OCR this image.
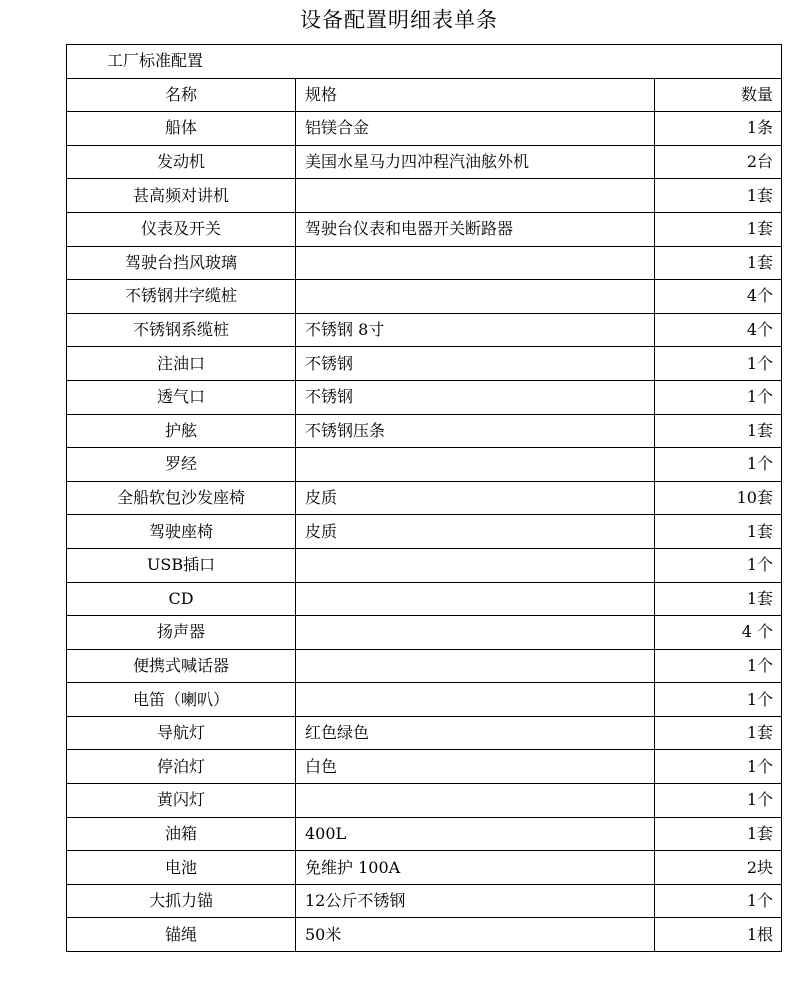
设备配置明细表单条
工厂标准配置		
名称	规格	数量
船体	铝镁合金	1条
发动机	美国水星马力四冲程汽油舷外机	2台
甚高频对讲机		1套
仪表及开关	驾驶台仪表和电器开关断路器	1套
驾驶台挡风玻璃		1套
不锈钢井字缆桩		4个
不锈钢系缆桩	不锈钢 8寸	4个
注油口	不锈钢	1个
透气口	不锈钢	1个
护舷	不锈钢压条	1套
罗经		1个
全船软包沙发座椅	皮质	10套
驾驶座椅	皮质	1套
USB插口		1个
CD		1套
扬声器		4 个
便携式喊话器		1个
电笛（喇叭）		1个
导航灯	红色绿色	1套
停泊灯	白色	1个
黄闪灯		1个
油箱	400L	1套
电池	免维护 100A	2块
大抓力锚	12公斤不锈钢	1个
锚绳	50米	1根
